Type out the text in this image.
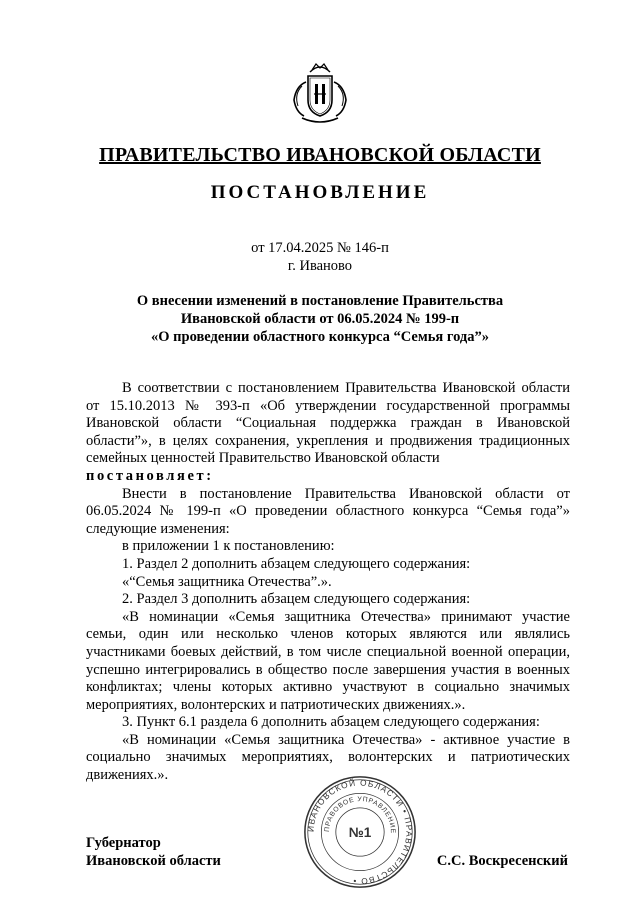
ПРАВИТЕЛЬСТВО ИВАНОВСКОЙ ОБЛАСТИ
ПОСТАНОВЛЕНИЕ
от 17.04.2025 № 146-п
г. Иваново
О внесении изменений в постановление Правительства
Ивановской области от 06.05.2024 № 199-п
«О проведении областного конкурса “Семья года”»

В соответствии с постановлением Правительства Ивановской области от 15.10.2013 № 393-п «Об утверждении государственной программы Ивановской области “Социальная поддержка граждан в Ивановской области”», в целях сохранения, укрепления и продвижения традиционных семейных ценностей Правительство Ивановской области

постановляет:

Внести в постановление Правительства Ивановской области от 06.05.2024 № 199-п «О проведении областного конкурса “Семья года”» следующие изменения:

в приложении 1 к постановлению:

1. Раздел 2 дополнить абзацем следующего содержания:

«“Семья защитника Отечества”.».

2. Раздел 3 дополнить абзацем следующего содержания:

«В номинации «Семья защитника Отечества» принимают участие семьи, один или несколько членов которых являются или являлись участниками боевых действий, в том числе специальной военной операции, успешно интегрировались в общество после завершения участия в военных конфликтах; члены которых активно участвуют в социально значимых мероприятиях, волонтерских и патриотических движениях.».

3. Пункт 6.1 раздела 6 дополнить абзацем следующего содержания:

«В номинации «Семья защитника Отечества» - активное участие в социально значимых мероприятиях, волонтерских и патриотических движениях.».

ИВАНОВСКОЙ ОБЛАСТИ • ПРАВИТЕЛЬСТВО •
ПРАВОВОЕ УПРАВЛЕНИЕ
№1
Губернатор
Ивановской области	С.С. Воскресенский
